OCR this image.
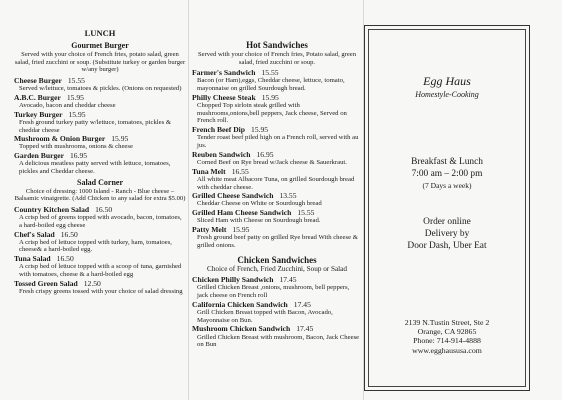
LUNCH

Gourmet Burger

Served with your choice of French fries, potato salad, green salad, fried zucchini or soup. (Substitute turkey or garden burger w/any burger)
Cheese Burger 15.55
Served w/lettuce, tomatoes & pickles. (Onions on requested)
A.B.C. Burger 15.95
Avocado, bacon and cheddar cheese
Turkey Burger 15.95
Fresh ground turkey patty w/lettuce, tomatoes, pickles & cheddar cheese
Mushroom & Onion Burger 15.95
Topped with mushrooms, onions & cheese
Garden Burger 16.95
A delicious meatless patty served with lettuce, tomatoes, pickles and Cheddar cheese.

Salad Corner

Choice of dressing: 1000 Island - Ranch - Blue cheese – Balsamic vinaigrette. (Add Chicken to any salad for extra $5.00)
Country Kitchen Salad 16.50
A crisp bed of greens topped with avocado, bacon, tomatoes, a hard-boiled egg cheese
Chef's Salad 16.50
A crisp bed of lettuce topped with turkey, ham, tomatoes, cheese& a hard-boiled egg.
Tuna Salad 16.50
A crisp bed of lettuce topped with a scoop of tuna, garnished with tomatoes, cheese & a hard-boiled egg
Tossed Green Salad 12.50
Fresh crispy greens tossed with your choice of salad dressing

Hot Sandwiches

Served with your choice of French fries, Potato salad, green salad, fried zucchini or soup.
Farmer's Sandwich 15.55
Bacon (or Ham),eggs, Cheddar cheese, lettuce, tomato, mayonnaise on grilled Sourdough bread.
Philly Cheese Steak 15.95
Chopped Top sirloin steak grilled with mushrooms,onions,bell peppers, Jack cheese, Served on French roll.
French Beef Dip 15.95
Tender roast beef piled high on a French roll, served with au jus.
Reuben Sandwich 16.95
Corned Beef on Rye bread w/Jack cheese & Sauerkraut.
Tuna Melt 16.55
All white meat Albacore Tuna, on grilled Sourdough bread with cheddar cheese.
Grilled Cheese Sandwich 13.55
Cheddar Cheese on White or Sourdough bread
Grilled Ham Cheese Sandwich 15.55
Sliced Ham with Cheese on Sourdough bread.
Patty Melt 15.95
Fresh ground beef patty on grilled Rye bread With cheese & grilled onions.

Chicken Sandwiches

Choice of French, Fried Zucchini, Soup or Salad
Chicken Philly Sandwich 17.45
Grilled Chicken Breast ,onions, mushroom, bell peppers, jack cheese on French roll
California Chicken Sandwich 17.45
Grill Chicken Breast topped with Bacon, Avocado, Mayonnaise on Bun.
Mushroom Chicken Sandwich 17.45
Grilled Chicken Breast with mushroom, Bacon, Jack Cheese on Bun
Egg Haus
Homestyle-Cooking
Breakfast & Lunch
7:00 am – 2:00 pm
(7 Days a week)
Order online
Delivery by
Door Dash, Uber Eat
2139 N.Tustin Street, Ste 2
Orange, CA 92865
Phone: 714-914-4888
www.egghaususa.com
